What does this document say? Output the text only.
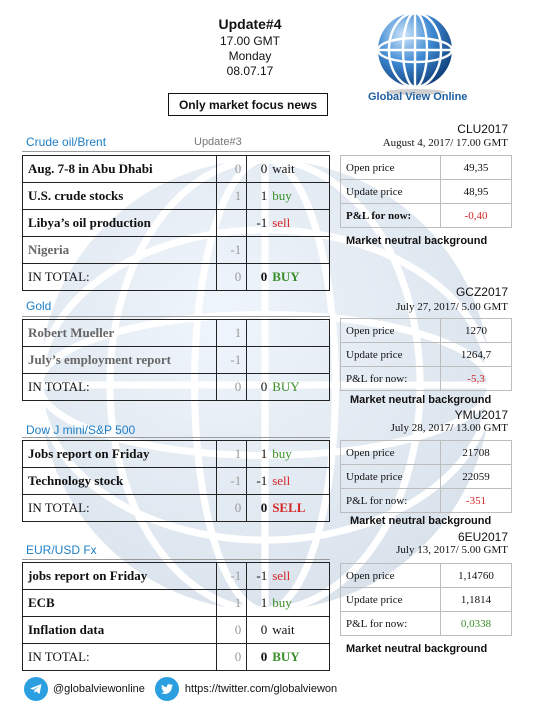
Update#4
17.00 GMT
Monday
08.07.17
Only market focus news
Global View Online
Crude oil/Brent	Update#3
Aug. 7-8 in Abu Dhabi	0	0 wait
U.S. crude stocks	1	1 buy
Libya’s oil production		-1 sell
Nigeria	-1	
IN TOTAL:	0	0 BUY
CLU2017
August 4, 2017/ 17.00 GMT
Open price	49,35
Update price	48,95
P&L for now:	-0,40
Market neutral background
Gold
Robert Mueller	1	
July’s employment report	-1	
IN TOTAL:	0	0 BUY
GCZ2017
July 27, 2017/ 5.00 GMT
Open price	1270
Update price	1264,7
P&L for now:	-5,3
Market neutral background
Dow J mini/S&P 500
Jobs report on Friday	1	1 buy
Technology stock	-1	-1 sell
IN TOTAL:	0	0 SELL
YMU2017
July 28, 2017/ 13.00 GMT
Open price	21708
Update price	22059
P&L for now:	-351
Market neutral background
EUR/USD Fx
jobs report on Friday	-1	-1 sell
ECB	1	1 buy
Inflation data	0	0 wait
IN TOTAL:	0	0 BUY
6EU2017
July 13, 2017/ 5.00 GMT
Open price	1,14760
Update price	1,1814
P&L for now:	0,0338
Market neutral background
@globalviewonline	https://twitter.com/globalviewon
